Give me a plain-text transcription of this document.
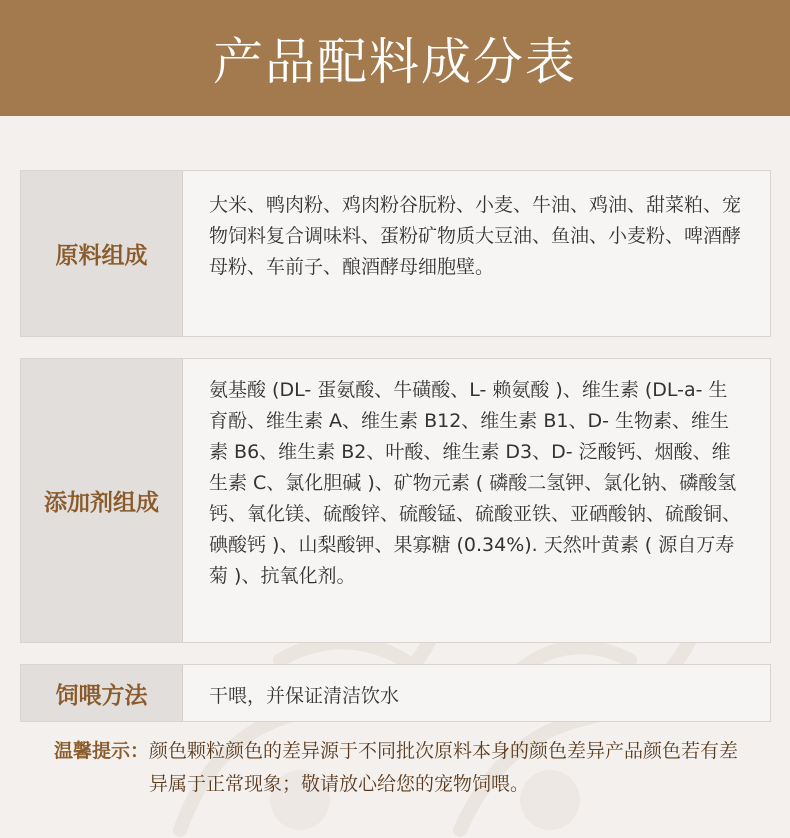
产品配料成分表
原料组成
大米、鸭肉粉、鸡肉粉谷朊粉、小麦、牛油、鸡油、甜菜粕、宠物饲料复合调味料、蛋粉矿物质大豆油、鱼油、小麦粉、啤酒酵母粉、车前子、酿酒酵母细胞壁。
添加剂组成
氨基酸 (DL- 蛋氨酸、牛磺酸、L- 赖氨酸 )、维生素 (DL-a- 生育酚、维生素 A、维生素 B12、维生素 B1、D- 生物素、维生素 B6、维生素 B2、叶酸、维生素 D3、D- 泛酸钙、烟酸、维生素 C、氯化胆碱 )、矿物元素 ( 磷酸二氢钾、氯化钠、磷酸氢钙、氧化镁、硫酸锌、硫酸锰、硫酸亚铁、亚硒酸钠、硫酸铜、碘酸钙 )、山梨酸钾、果寡糖 (0.34%). 天然叶黄素 ( 源自万寿菊 )、抗氧化剂。
饲喂方法	干喂，并保证清洁饮水
温馨提示： 颜色颗粒颜色的差异源于不同批次原料本身的颜色差异产品颜色若有差异属于正常现象；敬请放心给您的宠物饲喂。
